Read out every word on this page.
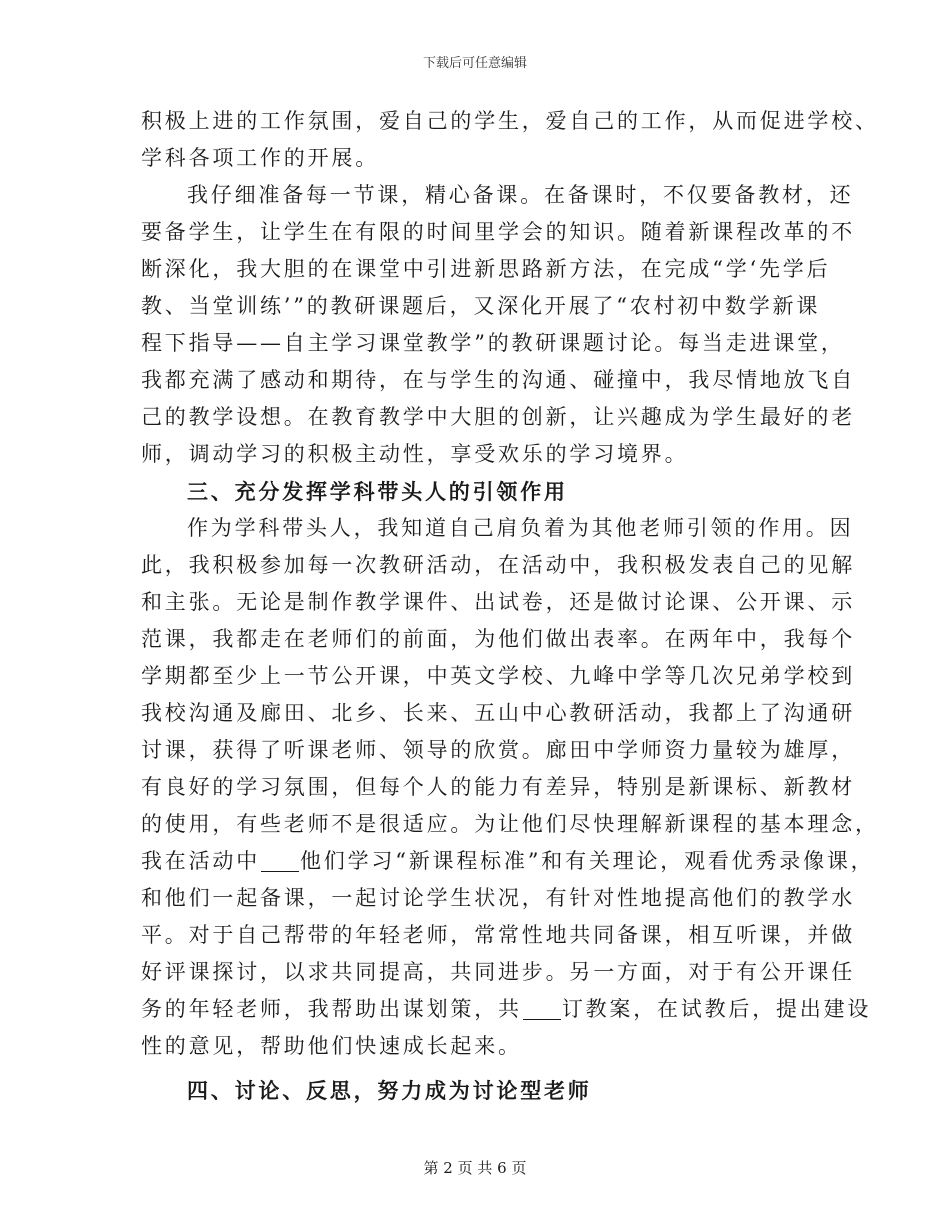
下载后可任意编辑
积极上进的工作氛围，爱自己的学生，爱自己的工作，从而促进学校、
学科各项工作的开展。
我仔细准备每一节课，精心备课。在备课时，不仅要备教材，还
要备学生，让学生在有限的时间里学会的知识。随着新课程改革的不
断深化，我大胆的在课堂中引进新思路新方法，在完成“学‘先学后
教、当堂训练’”的教研课题后，又深化开展了“农村初中数学新课
程下指导——自主学习课堂教学”的教研课题讨论。每当走进课堂，
我都充满了感动和期待，在与学生的沟通、碰撞中，我尽情地放飞自
己的教学设想。在教育教学中大胆的创新，让兴趣成为学生最好的老
师，调动学习的积极主动性，享受欢乐的学习境界。
三、充分发挥学科带头人的引领作用
作为学科带头人，我知道自己肩负着为其他老师引领的作用。因
此，我积极参加每一次教研活动，在活动中，我积极发表自己的见解
和主张。无论是制作教学课件、出试卷，还是做讨论课、公开课、示
范课，我都走在老师们的前面，为他们做出表率。在两年中，我每个
学期都至少上一节公开课，中英文学校、九峰中学等几次兄弟学校到
我校沟通及廊田、北乡、长来、五山中心教研活动，我都上了沟通研
讨课，获得了听课老师、领导的欣赏。廊田中学师资力量较为雄厚，
有良好的学习氛围，但每个人的能力有差异，特别是新课标、新教材
的使用，有些老师不是很适应。为让他们尽快理解新课程的基本理念，
我在活动中 他们学习“新课程标准”和有关理论，观看优秀录像课，
和他们一起备课，一起讨论学生状况，有针对性地提高他们的教学水
平。对于自己帮带的年轻老师，常常性地共同备课，相互听课，并做
好评课探讨，以求共同提高，共同进步。另一方面，对于有公开课任
务的年轻老师，我帮助出谋划策，共 订教案，在试教后，提出建设
性的意见，帮助他们快速成长起来。
四、讨论、反思，努力成为讨论型老师
第 2 页 共 6 页
